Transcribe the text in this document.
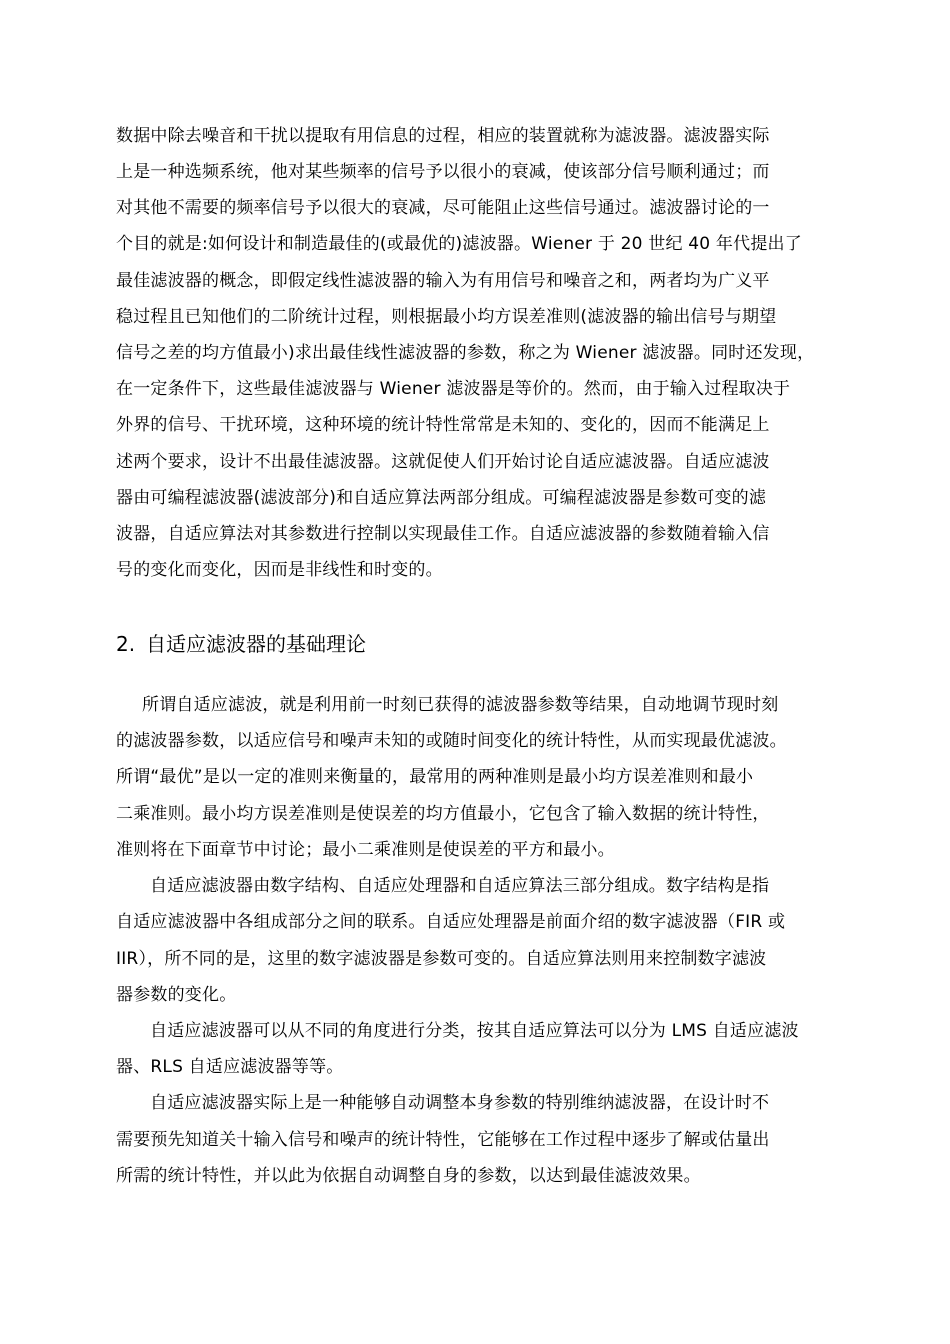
数据中除去噪音和干扰以提取有用信息的过程，相应的装置就称为滤波器。滤波器实际
上是一种选频系统，他对某些频率的信号予以很小的衰减，使该部分信号顺利通过；而
对其他不需要的频率信号予以很大的衰减，尽可能阻止这些信号通过。滤波器讨论的一
个目的就是:如何设计和制造最佳的(或最优的)滤波器。Wiener 于 20 世纪 40 年代提出了
最佳滤波器的概念，即假定线性滤波器的输入为有用信号和噪音之和，两者均为广义平
稳过程且已知他们的二阶统计过程，则根据最小均方误差准则(滤波器的输出信号与期望
信号之差的均方值最小)求出最佳线性滤波器的参数，称之为 Wiener 滤波器。同时还发现，
在一定条件下，这些最佳滤波器与 Wiener 滤波器是等价的。然而，由于输入过程取决于
外界的信号、干扰环境，这种环境的统计特性常常是未知的、变化的，因而不能满足上
述两个要求，设计不出最佳滤波器。这就促使人们开始讨论自适应滤波器。自适应滤波
器由可编程滤波器(滤波部分)和自适应算法两部分组成。可编程滤波器是参数可变的滤
波器，自适应算法对其参数进行控制以实现最佳工作。自适应滤波器的参数随着输入信
号的变化而变化，因而是非线性和时变的。
2. 自适应滤波器的基础理论
所谓自适应滤波，就是利用前一时刻已获得的滤波器参数等结果，自动地调节现时刻
的滤波器参数，以适应信号和噪声未知的或随时间变化的统计特性，从而实现最优滤波。
所谓“最优”是以一定的准则来衡量的，最常用的两种准则是最小均方误差准则和最小
二乘准则。最小均方误差准则是使误差的均方值最小，它包含了输入数据的统计特性，
准则将在下面章节中讨论；最小二乘准则是使误差的平方和最小。
自适应滤波器由数字结构、自适应处理器和自适应算法三部分组成。数字结构是指
自适应滤波器中各组成部分之间的联系。自适应处理器是前面介绍的数字滤波器（FIR 或
IIR），所不同的是，这里的数字滤波器是参数可变的。自适应算法则用来控制数字滤波
器参数的变化。
自适应滤波器可以从不同的角度进行分类，按其自适应算法可以分为 LMS 自适应滤波
器、RLS 自适应滤波器等等。
自适应滤波器实际上是一种能够自动调整本身参数的特别维纳滤波器，在设计时不
需要预先知道关十输入信号和噪声的统计特性，它能够在工作过程中逐步了解或估量出
所需的统计特性，并以此为依据自动调整自身的参数，以达到最佳滤波效果。
